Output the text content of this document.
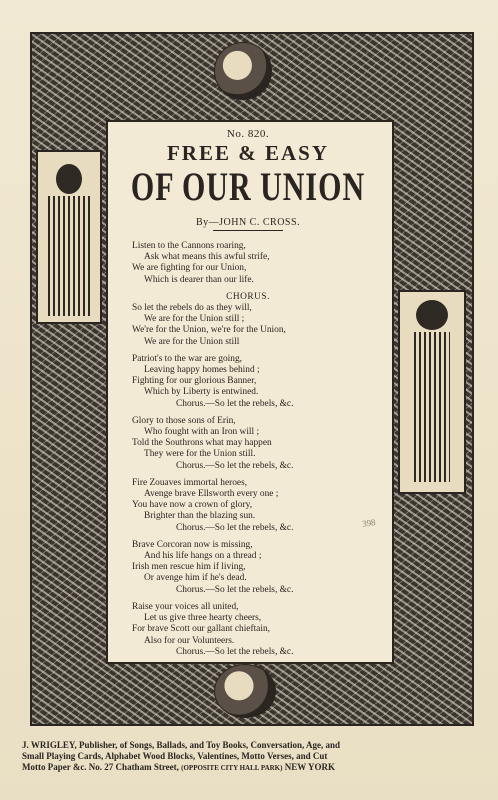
No. 820.
FREE & EASY
OF OUR UNION
By—JOHN C. CROSS.
Listen to the Cannons roaring,
Ask what means this awful strife,
We are fighting for our Union,
Which is dearer than our life.
CHORUS.
So let the rebels do as they will,
We are for the Union still ;
We're for the Union, we're for the Union,
We are for the Union still
Patriot's to the war are going,
Leaving happy homes behind ;
Fighting for our glorious Banner,
Which by Liberty is entwined.
Chorus.—So let the rebels, &c.
Glory to those sons of Erin,
Who fought with an Iron will ;
Told the Southrons what may happen
They were for the Union still.
Chorus.—So let the rebels, &c.
Fire Zouaves immortal heroes,
Avenge brave Ellsworth every one ;
You have now a crown of glory,
Brighter than the blazing sun.
Chorus.—So let the rebels, &c.
Brave Corcoran now is missing,
And his life hangs on a thread ;
Irish men rescue him if living,
Or avenge him if he's dead.
Chorus.—So let the rebels, &c.
Raise your voices all united,
Let us give three hearty cheers,
For brave Scott our gallant chieftain,
Also for our Volunteers.
Chorus.—So let the rebels, &c.
398
J. WRIGLEY, Publisher, of Songs, Ballads, and Toy Books, Conversation, Age, and
Small Playing Cards, Alphabet Wood Blocks, Valentines, Motto Verses, and Cut
Motto Paper &c. No. 27 Chatham Street, (OPPOSITE CITY HALL PARK) NEW YORK
